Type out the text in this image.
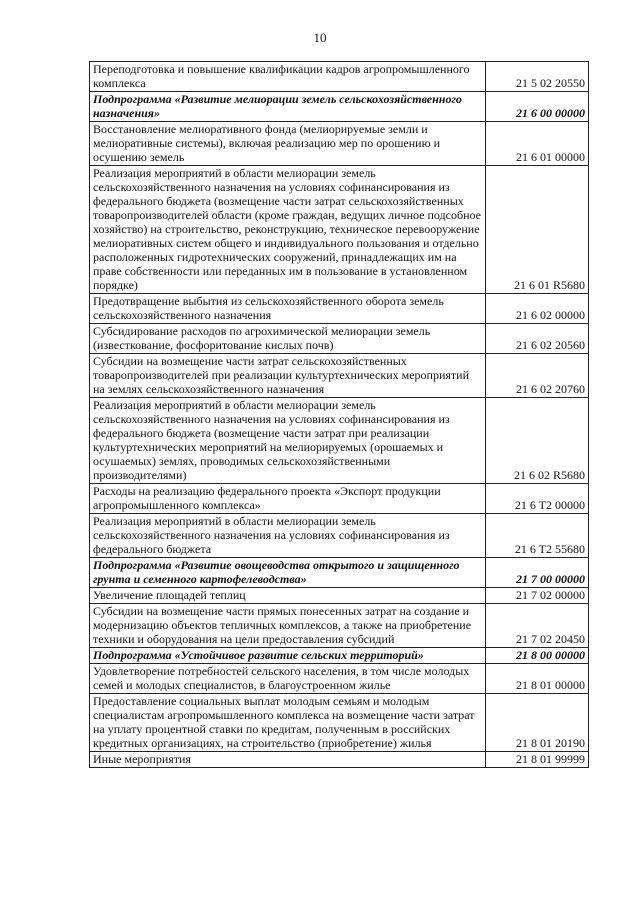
10
Переподготовка и повышение квалификации кадров агропромышленного комплекса	21 5 02 20550
Подпрограмма «Развитие мелиорации земель сельскохозяйственного назначения»	21 6 00 00000
Восстановление мелиоративного фонда (мелиорируемые земли и мелиоративные системы), включая реализацию мер по орошению и осушению земель	21 6 01 00000
Реализация мероприятий в области мелиорации земель сельскохозяйственного назначения на условиях софинансирования из федерального бюджета (возмещение части затрат сельскохозяйственных товаропроизводителей области (кроме граждан, ведущих личное подсобное хозяйство) на строительство, реконструкцию, техническое перевооружение мелиоративных систем общего и индивидуального пользования и отдельно расположенных гидротехнических сооружений, принадлежащих им на праве собственности или переданных им в пользование в установленном порядке)	21 6 01 R5680
Предотвращение выбытия из сельскохозяйственного оборота земель сельскохозяйственного назначения	21 6 02 00000
Субсидирование расходов по агрохимической мелиорации земель (известкование, фосфоритование кислых почв)	21 6 02 20560
Субсидии на возмещение части затрат сельскохозяйственных товаропроизводителей при реализации культуртехнических мероприятий на землях сельскохозяйственного назначения	21 6 02 20760
Реализация мероприятий в области мелиорации земель сельскохозяйственного назначения на условиях софинансирования из федерального бюджета (возмещение части затрат при реализации культуртехнических мероприятий на мелиорируемых (орошаемых и осушаемых) землях, проводимых сельскохозяйственными производителями)	21 6 02 R5680
Расходы на реализацию федерального проекта «Экспорт продукции агропромышленного комплекса»	21 6 T2 00000
Реализация мероприятий в области мелиорации земель сельскохозяйственного назначения на условиях софинансирования из федерального бюджета	21 6 T2 55680
Подпрограмма «Развитие овощеводства открытого и защищенного грунта и семенного картофелеводства»	21 7 00 00000
Увеличение площадей теплиц	21 7 02 00000
Субсидии на возмещение части прямых понесенных затрат на создание и модернизацию объектов тепличных комплексов, а также на приобретение техники и оборудования на цели предоставления субсидий	21 7 02 20450
Подпрограмма «Устойчивое развитие сельских территорий»	21 8 00 00000
Удовлетворение потребностей сельского населения, в том числе молодых семей и молодых специалистов, в благоустроенном жилье	21 8 01 00000
Предоставление социальных выплат молодым семьям и молодым специалистам агропромышленного комплекса на возмещение части затрат на уплату процентной ставки по кредитам, полученным в российских кредитных организациях, на строительство (приобретение) жилья	21 8 01 20190
Иные мероприятия	21 8 01 99999
